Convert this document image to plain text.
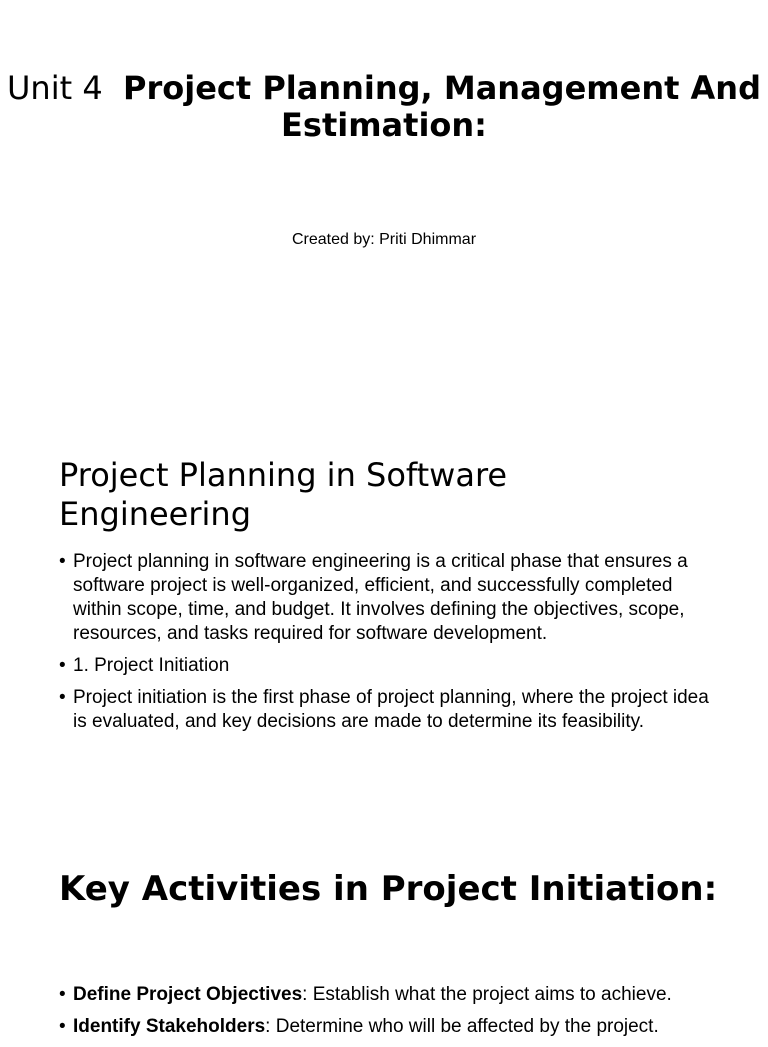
Unit 4 Project Planning, Management And Estimation:
Created by: Priti Dhimmar
Project Planning in Software Engineering
• Project planning in software engineering is a critical phase that ensures a software project is well-organized, efficient, and successfully completed within scope, time, and budget. It involves defining the objectives, scope, resources, and tasks required for software development.
• 1. Project Initiation
• Project initiation is the first phase of project planning, where the project idea is evaluated, and key decisions are made to determine its feasibility.
Key Activities in Project Initiation:
• Define Project Objectives: Establish what the project aims to achieve.
• Identify Stakeholders: Determine who will be affected by the project.
